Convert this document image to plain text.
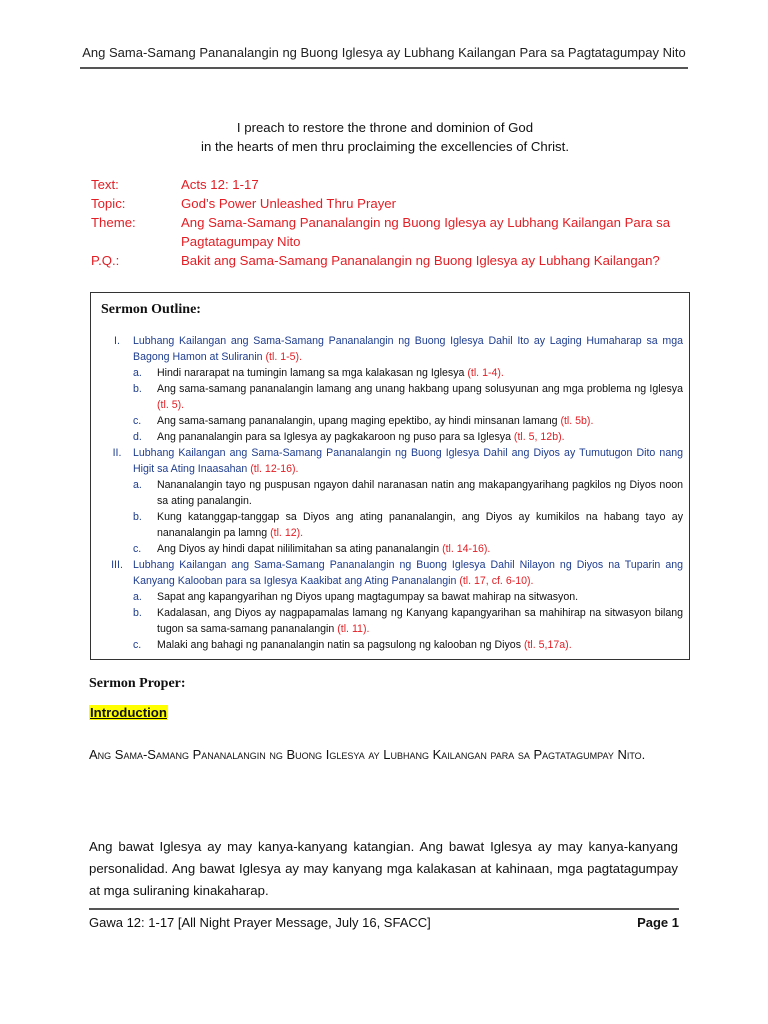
Ang Sama-Samang Pananalangin ng Buong Iglesya ay Lubhang Kailangan Para sa Pagtatagumpay Nito
I preach to restore the throne and dominion of God
in the hearts of men thru proclaiming the excellencies of Christ.
Text:	Acts 12: 1-17
Topic:	God’s Power Unleashed Thru Prayer
Theme:	Ang Sama-Samang Pananalangin ng Buong Iglesya ay Lubhang Kailangan Para sa Pagtatagumpay Nito
P.Q.:	Bakit ang Sama-Samang Pananalangin ng Buong Iglesya ay Lubhang Kailangan?
Sermon Outline:
I.	Lubhang Kailangan ang Sama-Samang Pananalangin ng Buong Iglesya Dahil Ito ay Laging Humaharap sa mga Bagong Hamon at Suliranin (tl. 1-5).
a.	Hindi nararapat na tumingin lamang sa mga kalakasan ng Iglesya (tl. 1-4).
b.	Ang sama-samang pananalangin lamang ang unang hakbang upang solusyunan ang mga problema ng Iglesya (tl. 5).
c.	Ang sama-samang pananalangin, upang maging epektibo, ay hindi minsanan lamang (tl. 5b).
d.	Ang pananalangin para sa Iglesya ay pagkakaroon ng puso para sa Iglesya (tl. 5, 12b).
II.	Lubhang Kailangan ang Sama-Samang Pananalangin ng Buong Iglesya Dahil ang Diyos ay Tumutugon Dito nang Higit sa Ating Inaasahan (tl. 12-16).
a.	Nananalangin tayo ng puspusan ngayon dahil naranasan natin ang makapangyarihang pagkilos ng Diyos noon sa ating panalangin.
b.	Kung katanggap-tanggap sa Diyos ang ating pananalangin, ang Diyos ay kumikilos na habang tayo ay nananalangin pa lamng (tl. 12).
c.	Ang Diyos ay hindi dapat nililimitahan sa ating pananalangin (tl. 14-16).
III. Lubhang Kailangan ang Sama-Samang Pananalangin ng Buong Iglesya Dahil Nilayon ng Diyos na Tuparin ang Kanyang Kalooban para sa Iglesya Kaakibat ang Ating Pananalangin (tl. 17, cf. 6-10).
a.	Sapat ang kapangyarihan ng Diyos upang magtagumpay sa bawat mahirap na sitwasyon.
b.	Kadalasan, ang Diyos ay nagpapamalas lamang ng Kanyang kapangyarihan sa mahihirap na sitwasyon bilang tugon sa sama-samang pananalangin (tl. 11).
c.	Malaki ang bahagi ng pananalangin natin sa pagsulong ng kalooban ng Diyos (tl. 5,17a).
Sermon Proper:
Introduction
Ang Sama-Samang Pananalangin ng Buong Iglesya ay Lubhang Kailangan para sa Pagtatagumpay Nito.
Ang bawat Iglesya ay may kanya-kanyang katangian. Ang bawat Iglesya ay may kanya-kanyang personalidad. Ang bawat Iglesya ay may kanyang mga kalakasan at kahinaan, mga pagtatagumpay at mga suliraning kinakaharap.
Gawa 12: 1-17 [All Night Prayer Message, July 16, SFACC]	Page 1
